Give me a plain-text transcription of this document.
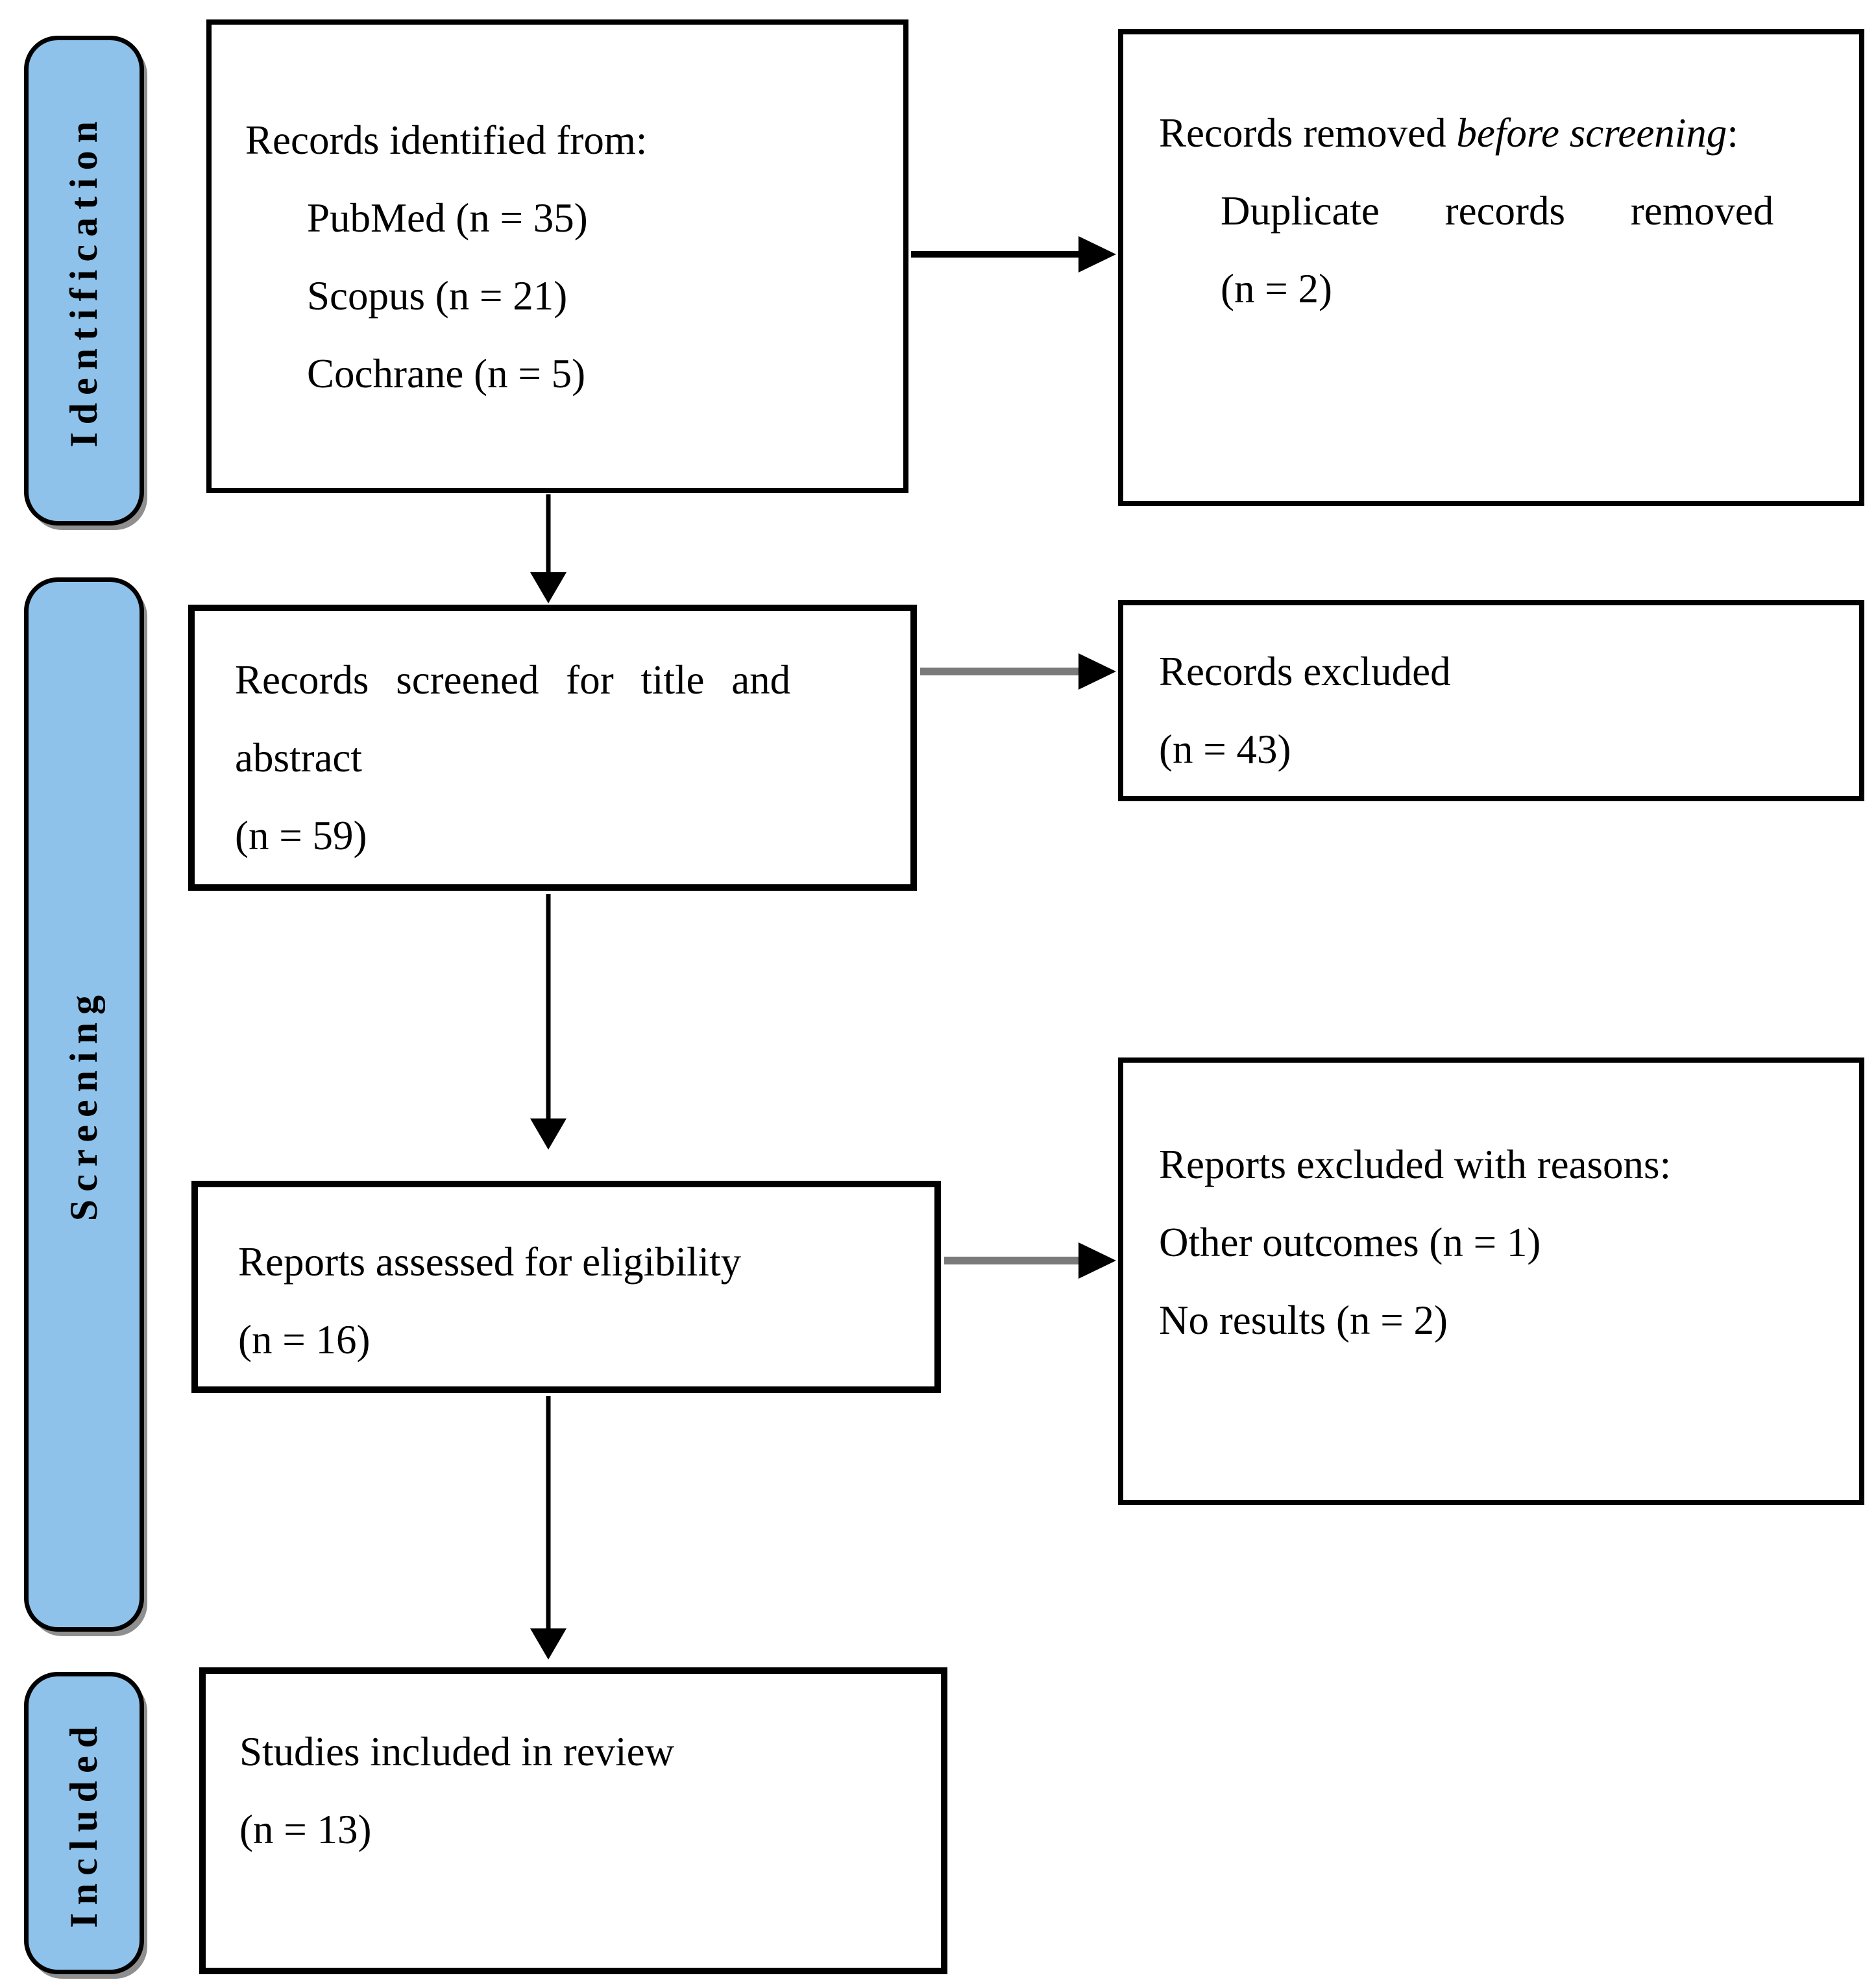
Identification
Screening
Included
Records identified from:
PubMed (n = 35)
Scopus (n = 21)
Cochrane (n = 5)
Records removed before screening:
Duplicate records removed
(n = 2)
Records screened for title and
abstract
(n = 59)
Records excluded
(n = 43)
Reports assessed for eligibility
(n = 16)
Reports excluded with reasons:
Other outcomes (n = 1)
No results (n = 2)
Studies included in review
(n = 13)
